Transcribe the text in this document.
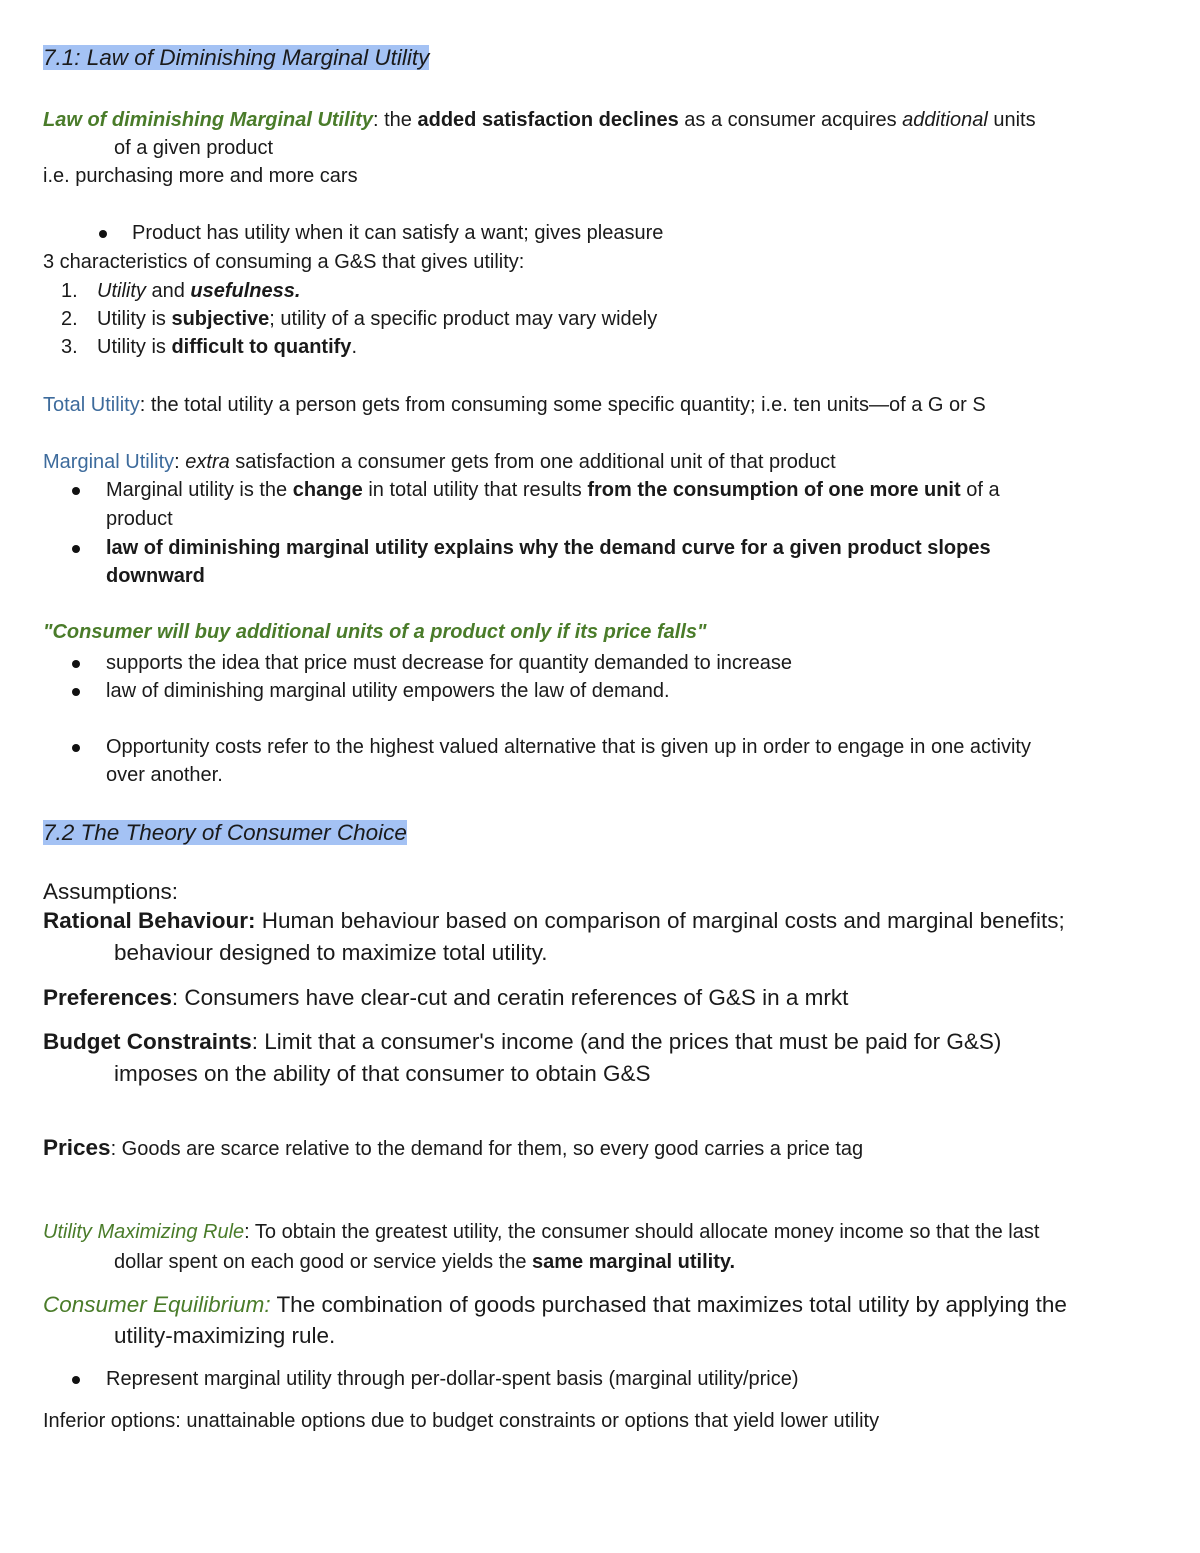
7.1: Law of Diminishing Marginal Utility
Law of diminishing Marginal Utility: the added satisfaction declines as a consumer acquires additional units
of a given product
i.e. purchasing more and more cars
Product has utility when it can satisfy a want; gives pleasure
3 characteristics of consuming a G&S that gives utility:
1. Utility and usefulness.
2. Utility is subjective; utility of a specific product may vary widely
3. Utility is difficult to quantify.
Total Utility: the total utility a person gets from consuming some specific quantity; i.e. ten units—of a G or S
Marginal Utility: extra satisfaction a consumer gets from one additional unit of that product
Marginal utility is the change in total utility that results from the consumption of one more unit of a
product
law of diminishing marginal utility explains why the demand curve for a given product slopes
downward
"Consumer will buy additional units of a product only if its price falls"
supports the idea that price must decrease for quantity demanded to increase
law of diminishing marginal utility empowers the law of demand.
Opportunity costs refer to the highest valued alternative that is given up in order to engage in one activity
over another.
7.2 The Theory of Consumer Choice
Assumptions:
Rational Behaviour: Human behaviour based on comparison of marginal costs and marginal benefits;
behaviour designed to maximize total utility.
Preferences: Consumers have clear-cut and ceratin references of G&S in a mrkt
Budget Constraints: Limit that a consumer's income (and the prices that must be paid for G&S)
imposes on the ability of that consumer to obtain G&S
Prices: Goods are scarce relative to the demand for them, so every good carries a price tag
Utility Maximizing Rule: To obtain the greatest utility, the consumer should allocate money income so that the last
dollar spent on each good or service yields the same marginal utility.
Consumer Equilibrium: The combination of goods purchased that maximizes total utility by applying the
utility-maximizing rule.
Represent marginal utility through per-dollar-spent basis (marginal utility/price)
Inferior options: unattainable options due to budget constraints or options that yield lower utility
